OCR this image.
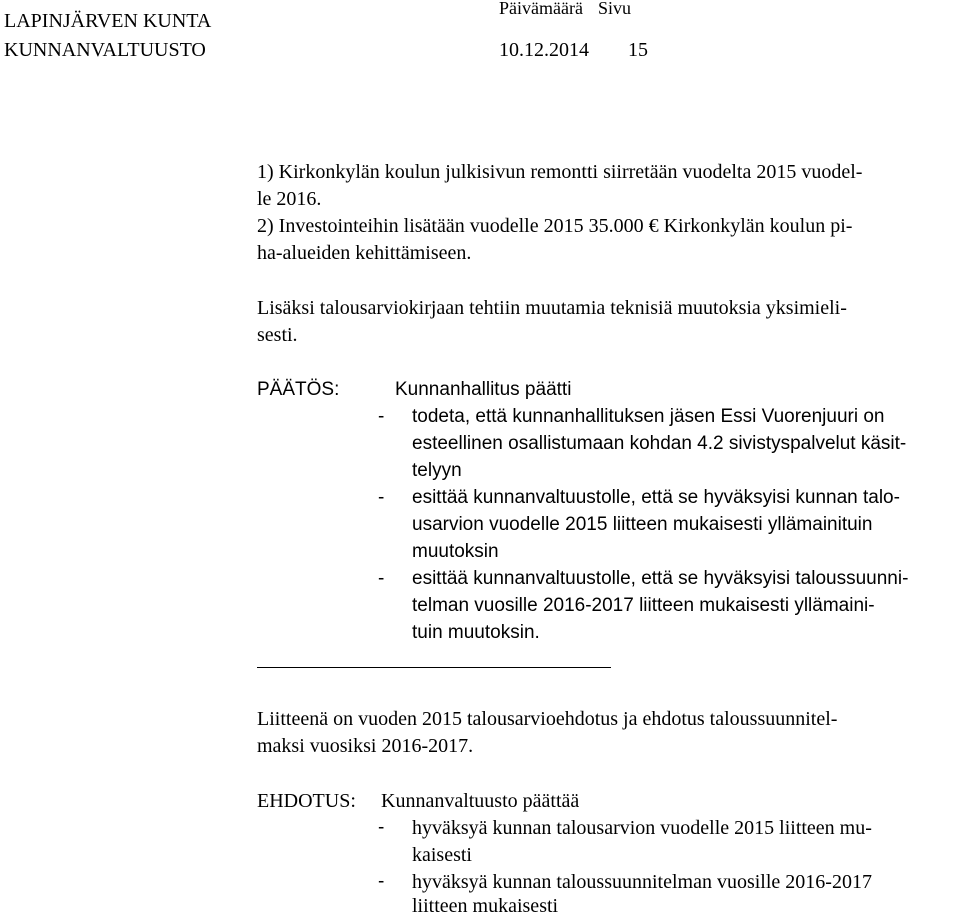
LAPINJÄRVEN KUNTA
KUNNANVALTUUSTO
Päivämäärä Sivu
10.12.2014 15
1) Kirkonkylän koulun julkisivun remontti siirretään vuodelta 2015 vuodel-
le 2016.
2) Investointeihin lisätään vuodelle 2015 35.000 € Kirkonkylän koulun pi-
ha-alueiden kehittämiseen.
Lisäksi talousarviokirjaan tehtiin muutamia teknisiä muutoksia yksimieli-
sesti.
PÄÄTÖS:	Kunnanhallitus päätti
- todeta, että kunnanhallituksen jäsen Essi Vuorenjuuri on
esteellinen osallistumaan kohdan 4.2 sivistyspalvelut käsit-
telyyn
- esittää kunnanvaltuustolle, että se hyväksyisi kunnan talo-
usarvion vuodelle 2015 liitteen mukaisesti yllämainituin
muutoksin
- esittää kunnanvaltuustolle, että se hyväksyisi taloussuunni-
telman vuosille 2016-2017 liitteen mukaisesti yllämaini-
tuin muutoksin.
Liitteenä on vuoden 2015 talousarvioehdotus ja ehdotus taloussuunnitel-
maksi vuosiksi 2016-2017.
EHDOTUS: Kunnanvaltuusto päättää
- hyväksyä kunnan talousarvion vuodelle 2015 liitteen mu-
kaisesti
- hyväksyä kunnan taloussuunnitelman vuosille 2016-2017
liitteen mukaisesti
